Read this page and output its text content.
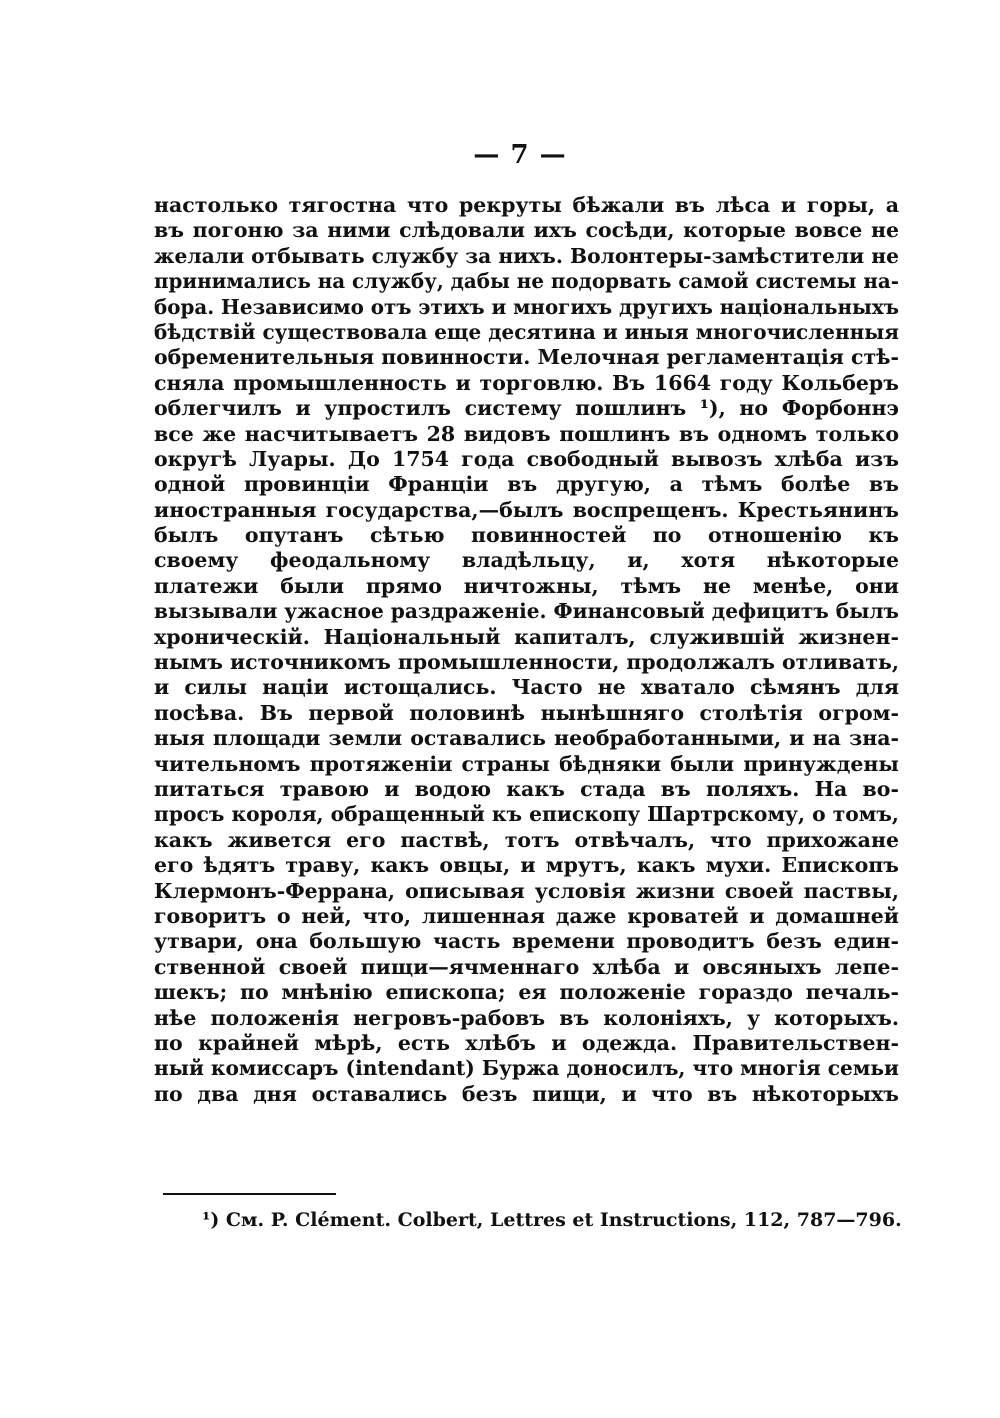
— 7 —
настолько тягостна что рекруты бѣжали въ лѣса и горы, а
въ погоню за ними слѣдовали ихъ сосѣди, которые вовсе не
желали отбывать службу за нихъ. Волонтеры-замѣстители не
принимались на службу, дабы не подорвать самой системы на-
бора. Независимо отъ этихъ и многихъ другихъ національныхъ
бѣдствій существовала еще десятина и иныя многочисленныя
обременительныя повинности. Мелочная регламентація стѣ-
сняла промышленность и торговлю. Въ 1664 году Кольберъ
облегчилъ и упростилъ систему пошлинъ ¹), но Форбоннэ
все же насчитываетъ 28 видовъ пошлинъ въ одномъ только
округѣ Луары. До 1754 года свободный вывозъ хлѣба изъ
одной провинціи Франціи въ другую, а тѣмъ болѣе въ
иностранныя государства,—былъ воспрещенъ. Крестьянинъ
былъ опутанъ сѣтью повинностей по отношенію къ
своему феодальному владѣльцу, и, хотя нѣкоторые
платежи были прямо ничтожны, тѣмъ не менѣе, они
вызывали ужасное раздраженіе. Финансовый дефицитъ былъ
хроническій. Національный капиталъ, служившій жизнен-
нымъ источникомъ промышленности, продолжалъ отливать,
и силы націи истощались. Часто не хватало сѣмянъ для
посѣва. Въ первой половинѣ нынѣшняго столѣтія огром-
ныя площади земли оставались необработанными, и на зна-
чительномъ протяженіи страны бѣдняки были принуждены
питаться травою и водою какъ стада въ поляхъ. На во-
просъ короля, обращенный къ епископу Шартрскому, о томъ,
какъ живется его паствѣ, тотъ отвѣчалъ, что прихожане
его ѣдятъ траву, какъ овцы, и мрутъ, какъ мухи. Епископъ
Клермонъ-Феррана, описывая условія жизни своей паствы,
говоритъ о ней, что, лишенная даже кроватей и домашней
утвари, она большую часть времени проводитъ безъ един-
ственной своей пищи—ячменнаго хлѣба и овсяныхъ лепе-
шекъ; по мнѣнію епископа; ея положеніе гораздо печаль-
нѣе положенія негровъ-рабовъ въ колоніяхъ, у которыхъ.
по крайней мѣрѣ, есть хлѣбъ и одежда. Правительствен-
ный комиссаръ (intendant) Буржа доносилъ, что многія семьи
по два дня оставались безъ пищи, и что въ нѣкоторыхъ
¹) См. P. Clément. Colbert, Lettres et Instructions, 112, 787—796.
